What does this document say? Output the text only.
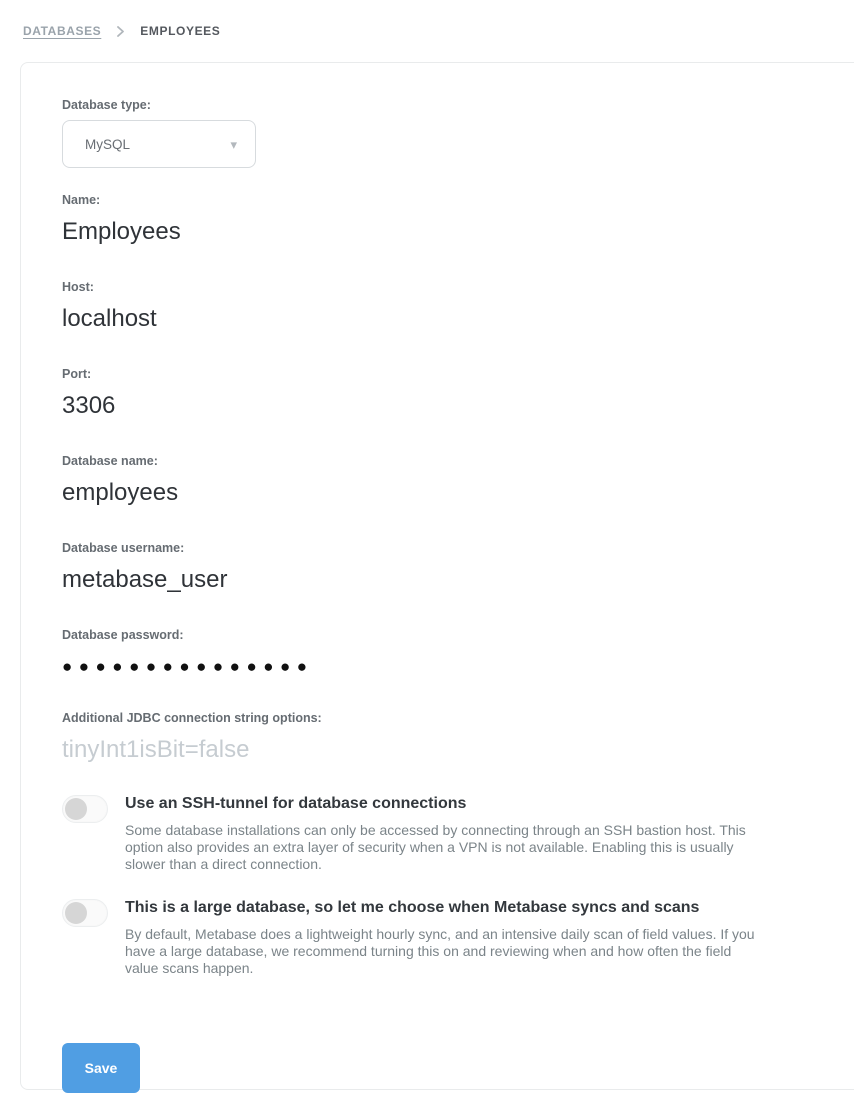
DATABASES	EMPLOYEES
Database type:
MySQL	▾
Name:
Employees
Host:
localhost
Port:
3306
Database name:
employees
Database username:
metabase_user
Database password:
●●●●●●●●●●●●●●●
Additional JDBC connection string options:
tinyInt1isBit=false
Use an SSH-tunnel for database connections
Some database installations can only be accessed by connecting through an SSH bastion host. This option also provides an extra layer of security when a VPN is not available. Enabling this is usually slower than a direct connection.
This is a large database, so let me choose when Metabase syncs and scans
By default, Metabase does a lightweight hourly sync, and an intensive daily scan of field values. If you have a large database, we recommend turning this on and reviewing when and how often the field value scans happen.
Save
